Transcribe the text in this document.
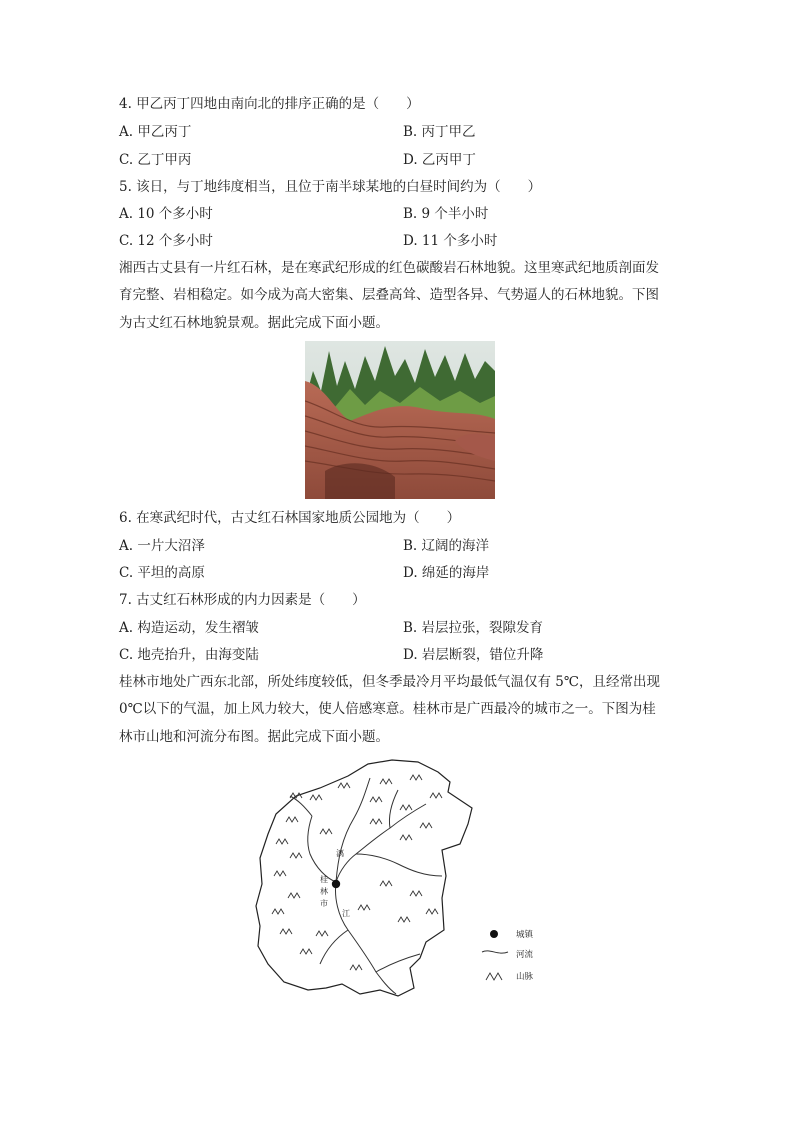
4. 甲乙丙丁四地由南向北的排序正确的是（　　）
A. 甲乙丙丁	B. 丙丁甲乙
C. 乙丁甲丙	D. 乙丙甲丁
5. 该日，与丁地纬度相当，且位于南半球某地的白昼时间约为（　　）
A. 10 个多小时	B. 9 个半小时
C. 12 个多小时	D. 11 个多小时
湘西古丈县有一片红石林，是在寒武纪形成的红色碳酸岩石林地貌。这里寒武纪地质剖面发
育完整、岩相稳定。如今成为高大密集、层叠高耸、造型各异、气势逼人的石林地貌。下图
为古丈红石林地貌景观。据此完成下面小题。
6. 在寒武纪时代，古丈红石林国家地质公园地为（　　）
A. 一片大沼泽	B. 辽阔的海洋
C. 平坦的高原	D. 绵延的海岸
7. 古丈红石林形成的内力因素是（　　）
A. 构造运动，发生褶皱	B. 岩层拉张，裂隙发育
C. 地壳抬升，由海变陆	D. 岩层断裂，错位升降
桂林市地处广西东北部，所处纬度较低，但冬季最冷月平均最低气温仅有 5℃，且经常出现
0℃以下的气温，加上风力较大，使人倍感寒意。桂林市是广西最冷的城市之一。下图为桂
林市山地和河流分布图。据此完成下面小题。
漓
桂
林
市
江
城镇
河流
山脉
